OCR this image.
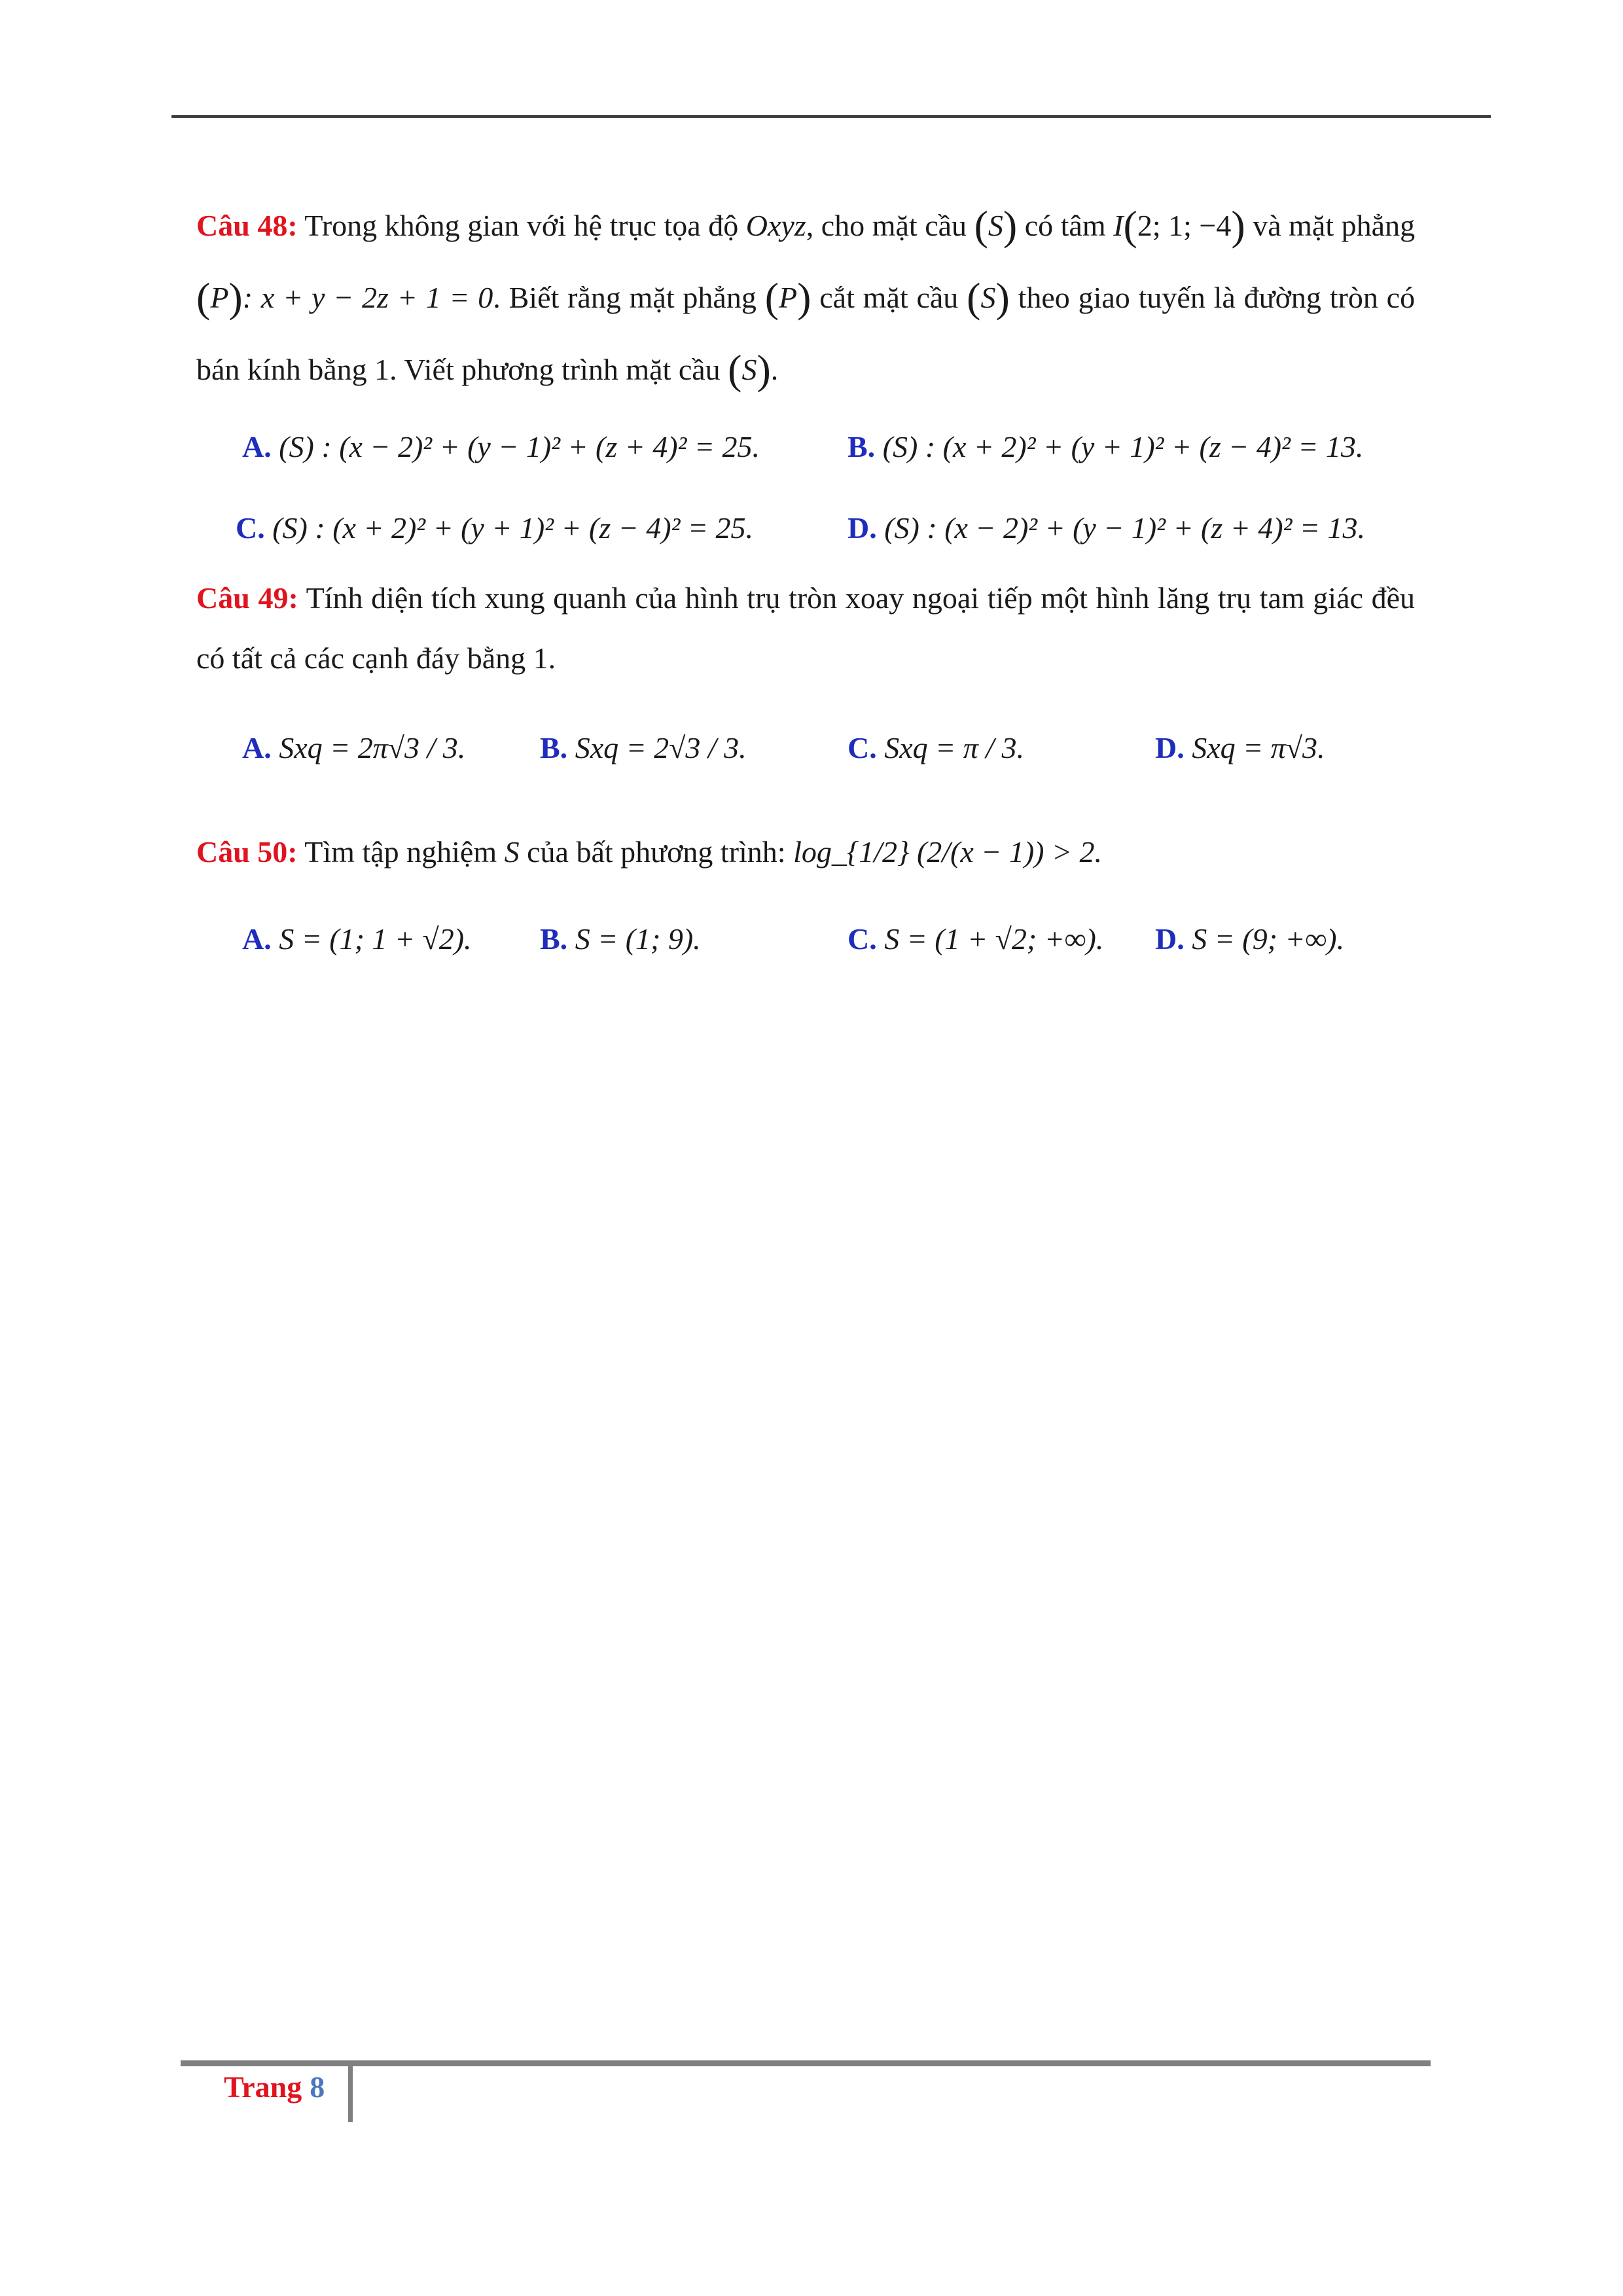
Câu 48: Trong không gian với hệ trục tọa độ Oxyz, cho mặt cầu (S) có tâm I(2; 1; −4) và mặt phẳng (P): x + y − 2z + 1 = 0. Biết rằng mặt phẳng (P) cắt mặt cầu (S) theo giao tuyến là đường tròn có bán kính bằng 1. Viết phương trình mặt cầu (S).

A.
(S) : (x − 2)² + (y − 1)² + (z + 4)² = 25.	B.
(S) : (x + 2)² + (y + 1)² + (z − 4)² = 13.
C.
(S) : (x + 2)² + (y + 1)² + (z − 4)² = 25.	D.
(S) : (x − 2)² + (y − 1)² + (z + 4)² = 13.

Câu 49: Tính diện tích xung quanh của hình trụ tròn xoay ngoại tiếp một hình lăng trụ tam giác đều có tất cả các cạnh đáy bằng 1.

A.
Sxq = 2π√3 / 3. B.
Sxq = 2√3 / 3.	C.
Sxq = π / 3.	D.
Sxq = π√3.

Câu 50: Tìm tập nghiệm S của bất phương trình: log_{1/2} (2/(x − 1)) > 2.

A.
S = (1; 1 + √2). B.
S = (1; 9).	C.
S = (1 + √2; +∞). D.
S = (9; +∞).
Trang 8
